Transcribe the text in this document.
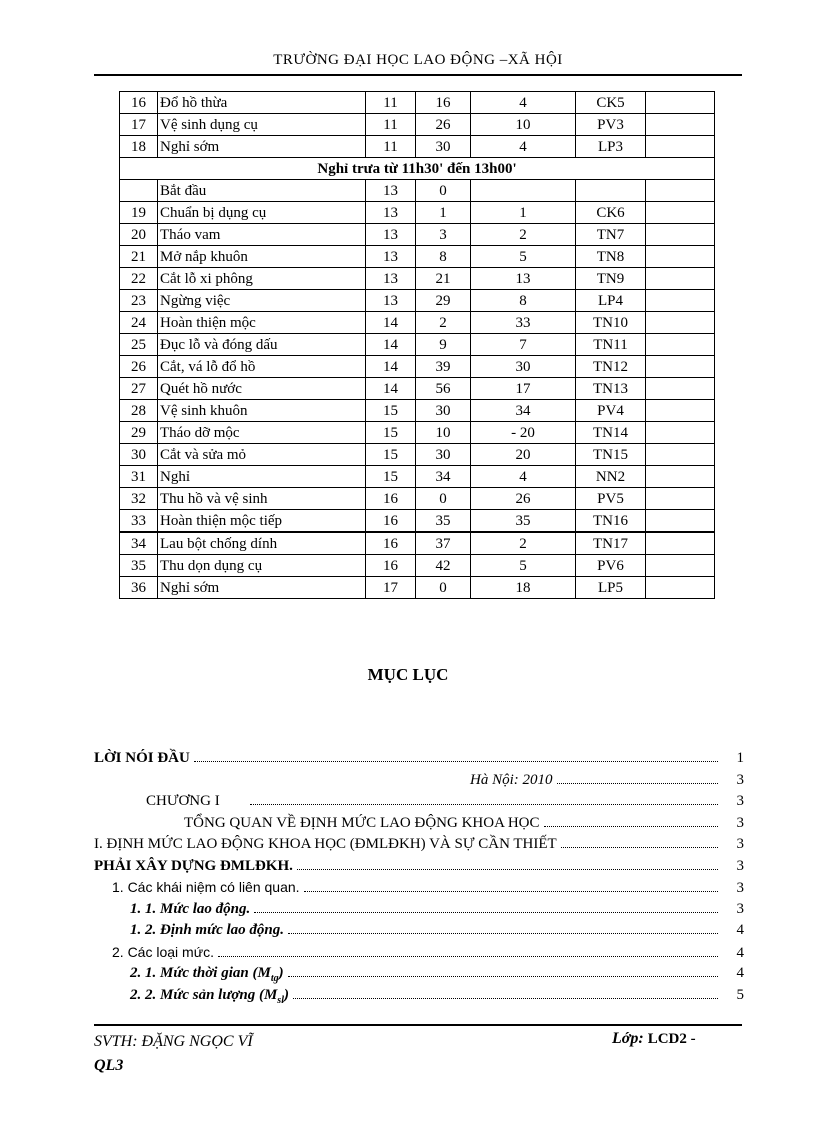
TRƯỜNG ĐẠI HỌC LAO ĐỘNG –XÃ HỘI
16	Đổ hồ thừa	11	16	4	CK5	
17	Vệ sinh dụng cụ	11	26	10	PV3	
18	Nghỉ sớm	11	30	4	LP3	
Nghỉ trưa từ 11h30' đến 13h00'						
	Bắt đầu	13	0			
19	Chuẩn bị dụng cụ	13	1	1	CK6	
20	Tháo vam	13	3	2	TN7	
21	Mở nắp khuôn	13	8	5	TN8	
22	Cắt lỗ xi phông	13	21	13	TN9	
23	Ngừng việc	13	29	8	LP4	
24	Hoàn thiện mộc	14	2	33	TN10	
25	Đục lỗ và đóng dấu	14	9	7	TN11	
26	Cắt, vá lỗ đổ hồ	14	39	30	TN12	
27	Quét hồ nước	14	56	17	TN13	
28	Vệ sinh khuôn	15	30	34	PV4	
29	Tháo dỡ mộc	15	10	- 20	TN14	
30	Cắt và sửa mỏ	15	30	20	TN15	
31	Nghỉ	15	34	4	NN2	
32	Thu hồ và vệ sinh	16	0	26	PV5	
33	Hoàn thiện mộc tiếp	16	35	35	TN16	
34	Lau bột chống dính	16	37	2	TN17	
35	Thu dọn dụng cụ	16	42	5	PV6	
36	Nghỉ sớm	17	0	18	LP5	
MỤC LỤC
LỜI NÓI ĐẦU	1
Hà Nội: 2010	3
CHƯƠNG I	3
TỔNG QUAN VỀ ĐỊNH MỨC LAO ĐỘNG KHOA HỌC	3
I. ĐỊNH MỨC LAO ĐỘNG KHOA HỌC (ĐMLĐKH) VÀ SỰ CẦN THIẾT	3
PHẢI XÂY DỰNG ĐMLĐKH.	3
1. Các khái niệm có liên quan.	3
1. 1. Mức lao động.	3
1. 2. Định mức lao động.	4
2. Các loại mức.	4
2. 1. Mức thời gian $(M_{tg})$	4
2. 2. Mức sản lượng $(M_{sl})$	5
SVTH: ĐẶNG NGỌC VĨ
QL3
Lớp: LCD2 -
